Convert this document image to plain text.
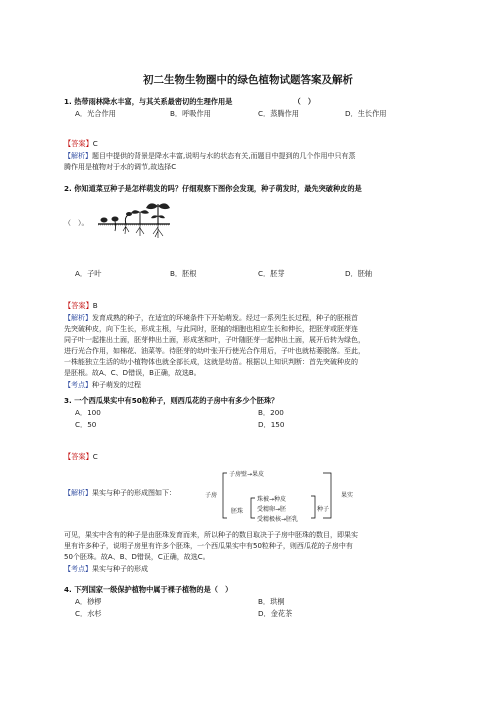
初二生物生物圈中的绿色植物试题答案及解析
1. 热带雨林降水丰富，与其关系最密切的生理作用是　　　　　　　　　（　）
A．光合作用	B．呼吸作用	C．蒸腾作用	D．生长作用
【答案】C
【解析】题目中提供的背景是降水丰富,说明与水的状态有关,而题目中提到的几个作用中只有蒸
腾作用是植物对于水的调节,故选择C
2. 你知道菜豆种子是怎样萌发的吗？仔细观察下图你会发现，种子萌发时，最先突破种皮的是
（　）。
A．子叶	B．胚根	C．胚芽	D．胚轴
【答案】B
【解析】发育成熟的种子，在适宜的环境条件下开始萌发。经过一系列生长过程，种子的胚根首
先突破种皮，向下生长，形成主根，与此同时，胚轴的细胞也相应生长和伸长，把胚芽或胚芽连
同子叶一起推出土面，胚芽伸出土面，形成茎和叶，子叶随胚芽一起伸出土面，展开后转为绿色，
进行光合作用，如棉花、油菜等。待胚芽的幼叶张开行使光合作用后，子叶也就枯萎脱落。至此，
一株能独立生活的幼小植物体也就全部长成，这就是幼苗。根据以上知识判断：首先突破种皮的
是胚根。故A、C、D错误，B正确，故选B。
【考点】种子萌发的过程
3. 一个西瓜果实中有50粒种子，则西瓜花的子房中有多少个胚珠？
A．100	B．200
C．50	D．150
【答案】C
【解析】果实与种子的形成图如下：	子房
子房壁→果皮
胚珠
珠被→种皮
受精卵→胚
受精极核→胚乳
种子
果实
可见，果实中含有的种子是由胚珠发育而来，所以种子的数目取决于子房中胚珠的数目，即果实
里有许多种子，说明子房里有许多个胚珠，一个西瓜果实中有50粒种子，则西瓜花的子房中有
50个胚珠。故A、B、D错误，C正确，故选C。
【考点】果实与种子的形成
4. 下列国家一级保护植物中属于裸子植物的是（　）
A．桫椤	B．珙桐
C．水杉	D．金花茶
